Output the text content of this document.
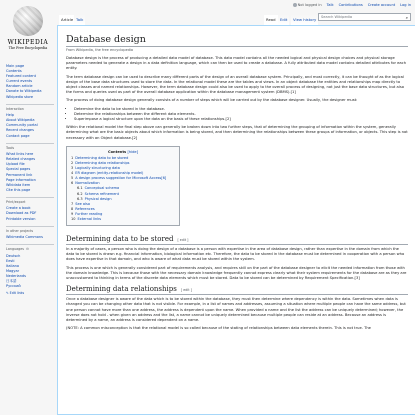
Not logged in Talk Contributions Create account Log in
WIKIPEDIA
The Free Encyclopedia
Main page
Contents
Featured content
Current events
Random article
Donate to Wikipedia
Wikipedia store
Interaction
Help
About Wikipedia
Community portal
Recent changes
Contact page
Tools
What links here
Related changes
Upload file
Special pages
Permanent link
Page information
Wikidata item
Cite this page
Print/export
Create a book
Download as PDF
Printable version
In other projects
Wikimedia Commons
Languages ⚙
Deutsch
Eesti
Italiano
Magyar
Nederlands
日本語
Русский
✎ Edit links
Article Talk	Read	Edit	View history	Search Wikipedia	⌕
Database design
From Wikipedia, the free encyclopedia

Database design is the process of producing a detailed data model of database. This data model contains all the needed logical and physical design choices and physical storage parameters needed to generate a design in a data definition language, which can then be used to create a database. A fully attributed data model contains detailed attributes for each entity.

The term database design can be used to describe many different parts of the design of an overall database system. Principally, and most correctly, it can be thought of as the logical design of the base data structures used to store the data. In the relational model these are the tables and views. In an object database the entities and relationships map directly to object classes and named relationships. However, the term database design could also be used to apply to the overall process of designing, not just the base data structures, but also the forms and queries used as part of the overall database application within the database management system (DBMS).[1]

The process of doing database design generally consists of a number of steps which will be carried out by the database designer. Usually, the designer must:

• Determine the data to be stored in the database.
• Determine the relationships between the different data elements.
• Superimpose a logical structure upon the data on the basis of these relationships.[2]

Within the relational model the final step above can generally be broken down into two further steps, that of determining the grouping of information within the system, generally determining what are the basic objects about which information is being stored, and then determining the relationships between these groups of information, or objects. This step is not necessary with an Object database.[2]

Contents [hide]
1 Determining data to be stored
2 Determining data relationships
3 Logically structuring data
4 ER diagram (entity-relationship model)
5 A design process suggestion for Microsoft Access[6]
6 Normalization
6.1 Conceptual schema
6.2 Schema refinement
6.3 Physical design
7 See also
8 References
9 Further reading
10 External links
Determining data to be stored [ edit ]

In a majority of cases, a person who is doing the design of a database is a person with expertise in the area of database design, rather than expertise in the domain from which the data to be stored is drawn e.g. financial information, biological information etc. Therefore, the data to be stored in the database must be determined in cooperation with a person who does have expertise in that domain, and who is aware of what data must be stored within the system.

This process is one which is generally considered part of requirements analysis, and requires skill on the part of the database designer to elicit the needed information from those with the domain knowledge. This is because those with the necessary domain knowledge frequently cannot express clearly what their system requirements for the database are as they are unaccustomed to thinking in terms of the discrete data elements which must be stored. Data to be stored can be determined by Requirement Specification.[3]

Determining data relationships [ edit ]

Once a database designer is aware of the data which is to be stored within the database, they must then determine where dependency is within the data. Sometimes when data is changed you can be changing other data that is not visible. For example, in a list of names and addresses, assuming a situation where multiple people can have the same address, but one person cannot have more than one address, the address is dependent upon the name. When provided a name and the list the address can be uniquely determined; however, the inverse does not hold - when given an address and the list, a name cannot be uniquely determined because multiple people can reside at an address. Because an address is determined by a name, an address is considered dependent on a name.

(NOTE: A common misconception is that the relational model is so called because of the stating of relationships between data elements therein. This is not true. The
